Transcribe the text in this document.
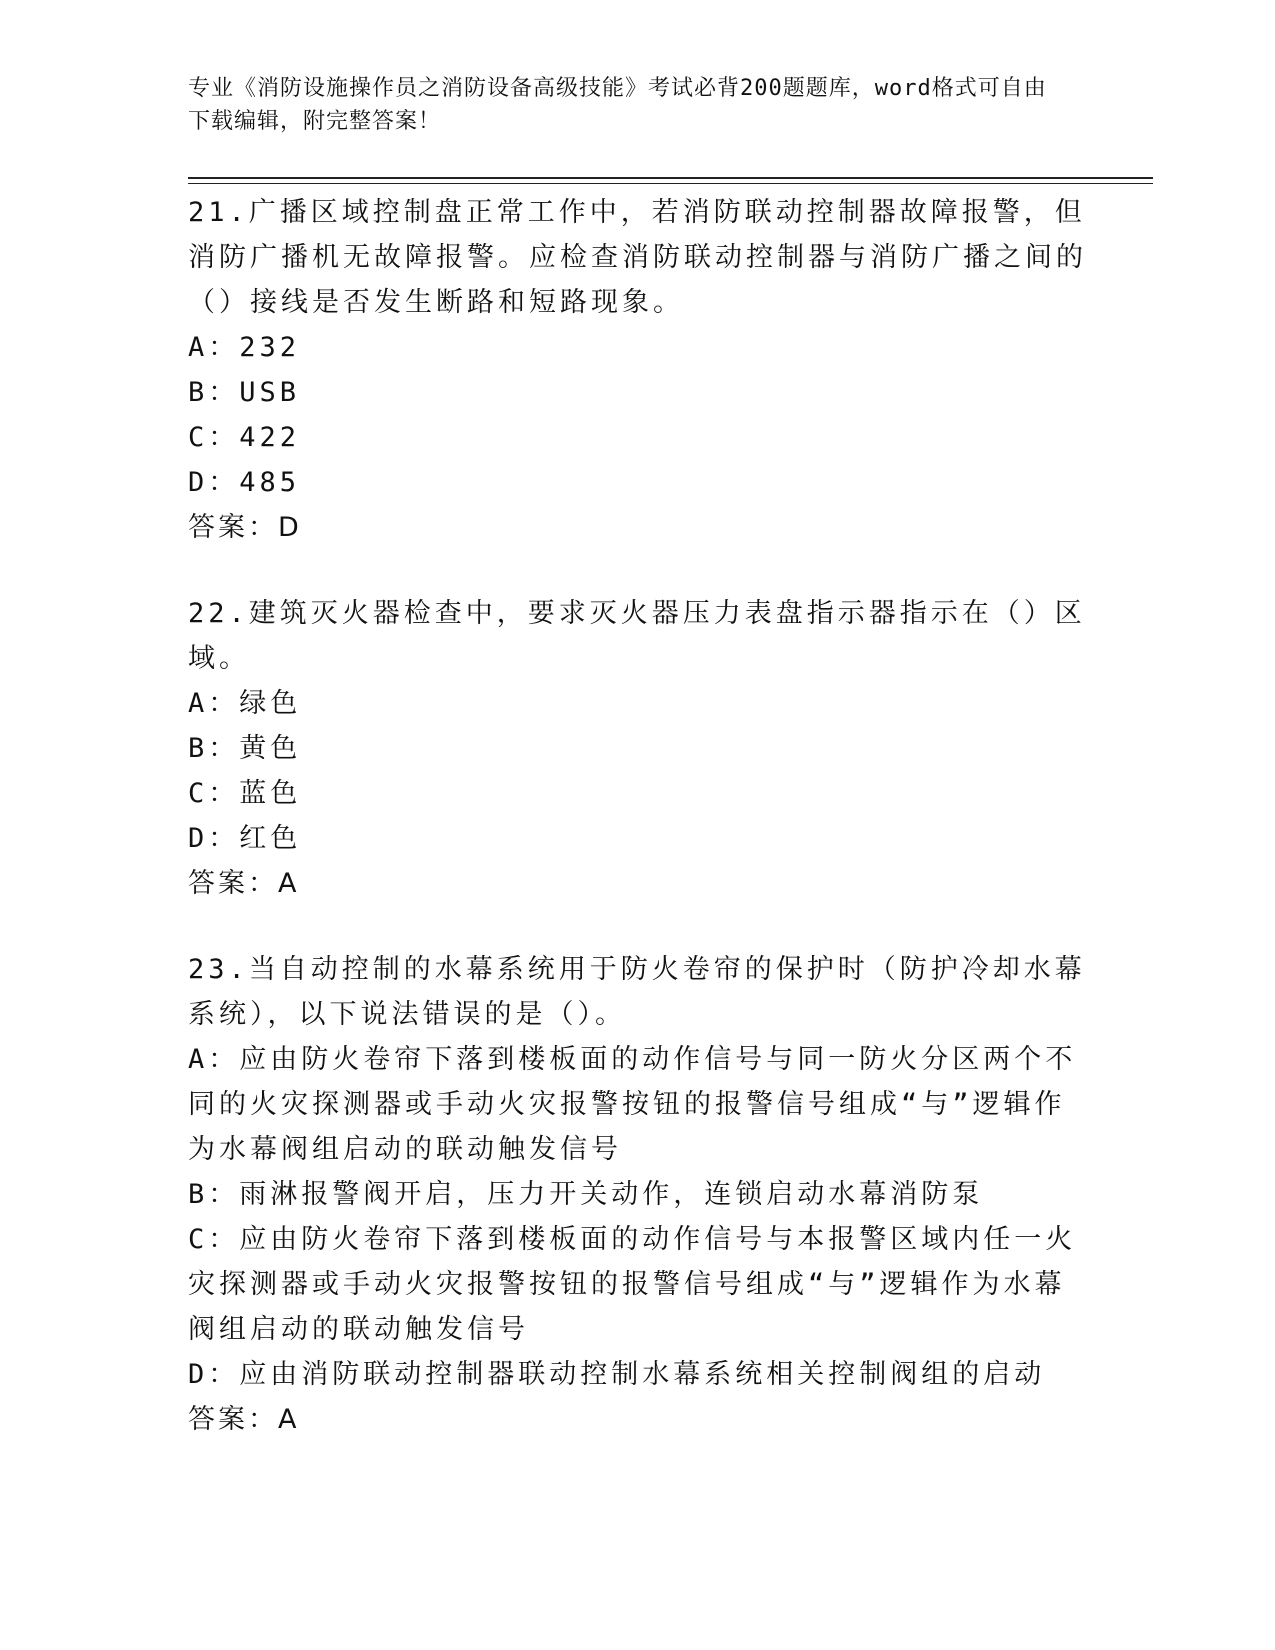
专业《消防设施操作员之消防设备高级技能》考试必背200题题库，word格式可自由下载编辑，附完整答案！

21.广播区域控制盘正常工作中，若消防联动控制器故障报警，但消防广播机无故障报警。应检查消防联动控制器与消防广播之间的（）接线是否发生断路和短路现象。

A：232

B：USB

C：422

D：485

答案：D

22.建筑灭火器检查中，要求灭火器压力表盘指示器指示在（）区域。

A：绿色

B：黄色

C：蓝色

D：红色

答案：A

23.当自动控制的水幕系统用于防火卷帘的保护时（防护冷却水幕系统），以下说法错误的是（）。

A：应由防火卷帘下落到楼板面的动作信号与同一防火分区两个不同的火灾探测器或手动火灾报警按钮的报警信号组成“与”逻辑作为水幕阀组启动的联动触发信号

B：雨淋报警阀开启，压力开关动作，连锁启动水幕消防泵

C：应由防火卷帘下落到楼板面的动作信号与本报警区域内任一火灾探测器或手动火灾报警按钮的报警信号组成“与”逻辑作为水幕阀组启动的联动触发信号

D：应由消防联动控制器联动控制水幕系统相关控制阀组的启动

答案：A
